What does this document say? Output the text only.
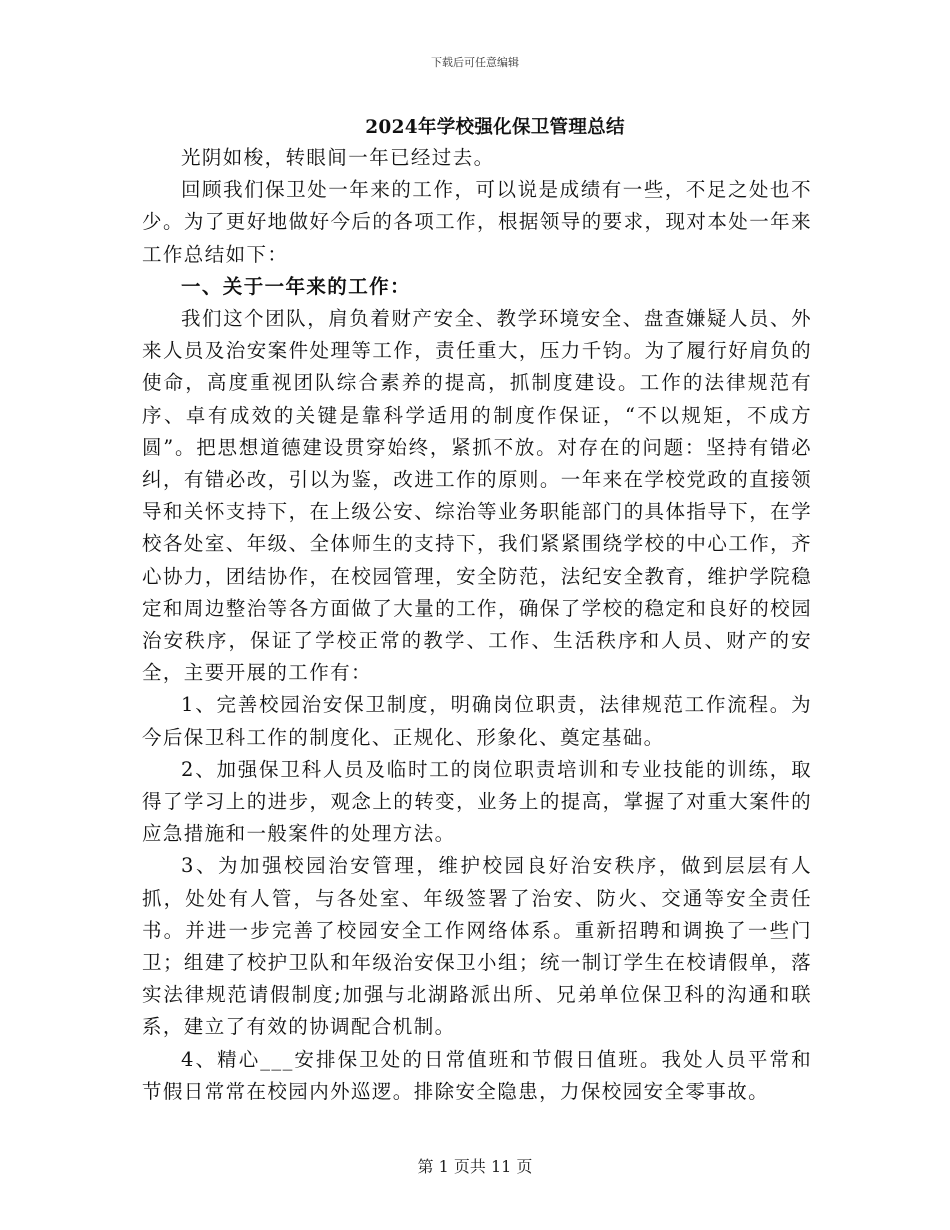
下载后可任意编辑
2024年学校强化保卫管理总结

光阴如梭，转眼间一年已经过去。

回顾我们保卫处一年来的工作，可以说是成绩有一些，不足之处也不少。为了更好地做好今后的各项工作，根据领导的要求，现对本处一年来工作总结如下：

一、关于一年来的工作：

我们这个团队，肩负着财产安全、教学环境安全、盘查嫌疑人员、外来人员及治安案件处理等工作，责任重大，压力千钧。为了履行好肩负的使命，高度重视团队综合素养的提高，抓制度建设。工作的法律规范有序、卓有成效的关键是靠科学适用的制度作保证，“不以规矩，不成方圆”。把思想道德建设贯穿始终，紧抓不放。对存在的问题：坚持有错必纠，有错必改，引以为鉴，改进工作的原则。一年来在学校党政的直接领导和关怀支持下，在上级公安、综治等业务职能部门的具体指导下，在学校各处室、年级、全体师生的支持下，我们紧紧围绕学校的中心工作，齐心协力，团结协作，在校园管理，安全防范，法纪安全教育，维护学院稳定和周边整治等各方面做了大量的工作，确保了学校的稳定和良好的校园治安秩序，保证了学校正常的教学、工作、生活秩序和人员、财产的安全，主要开展的工作有：

1、完善校园治安保卫制度，明确岗位职责，法律规范工作流程。为今后保卫科工作的制度化、正规化、形象化、奠定基础。

2、加强保卫科人员及临时工的岗位职责培训和专业技能的训练，取得了学习上的进步，观念上的转变，业务上的提高，掌握了对重大案件的应急措施和一般案件的处理方法。

3、为加强校园治安管理，维护校园良好治安秩序，做到层层有人抓，处处有人管，与各处室、年级签署了治安、防火、交通等安全责任书。并进一步完善了校园安全工作网络体系。重新招聘和调换了一些门卫；组建了校护卫队和年级治安保卫小组；统一制订学生在校请假单，落实法律规范请假制度;加强与北湖路派出所、兄弟单位保卫科的沟通和联系，建立了有效的协调配合机制。

4、精心___安排保卫处的日常值班和节假日值班。我处人员平常和节假日常常在校园内外巡逻。排除安全隐患，力保校园安全零事故。

第 1 页共 11 页
